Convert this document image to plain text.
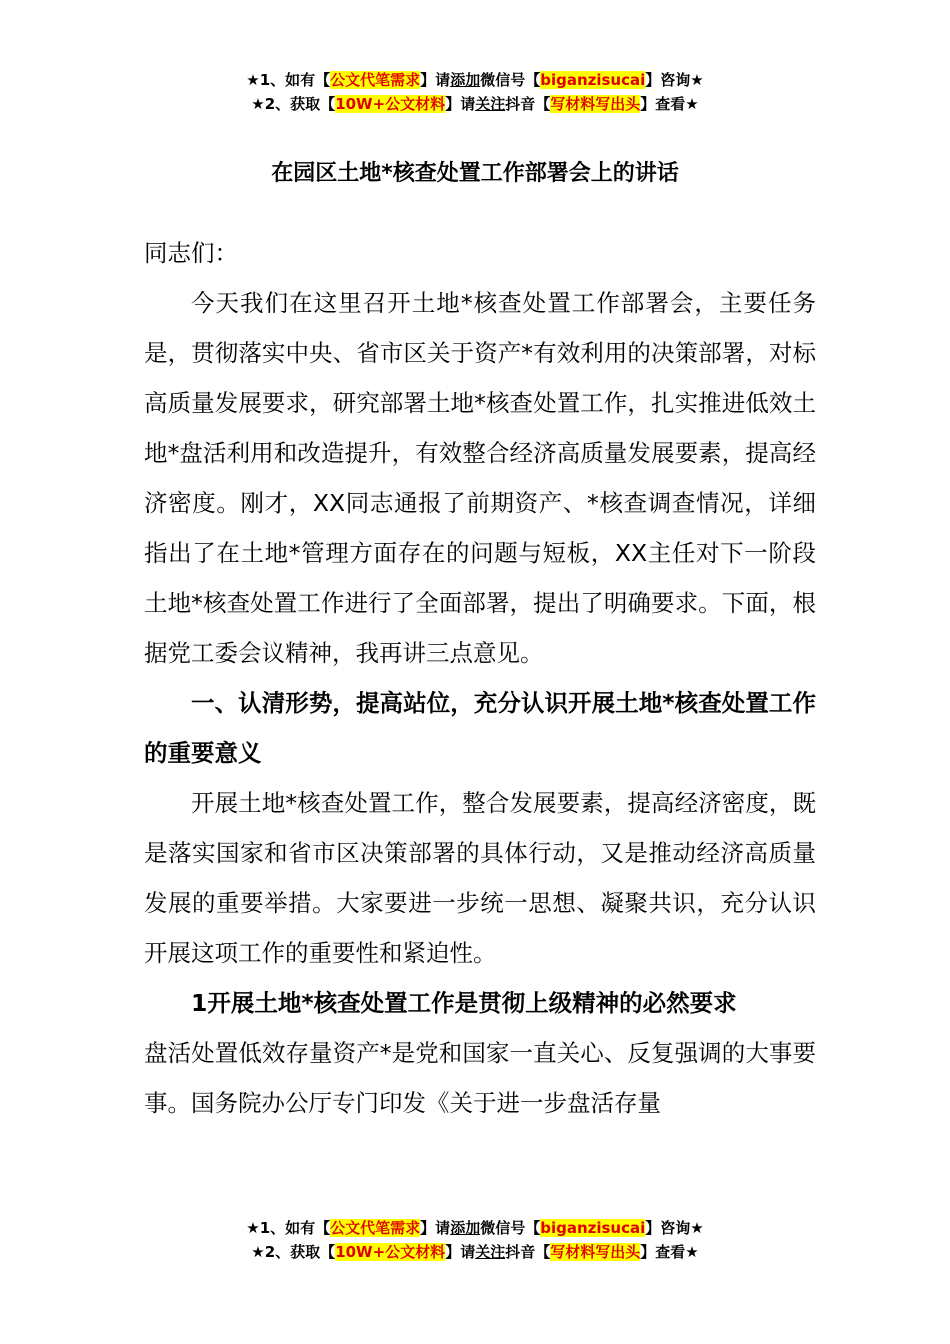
★1、如有【公文代笔需求】请添加微信号【biganzisucai】咨询★
★2、获取【10W+公文材料】请关注抖音【写材料写出头】查看★
在园区土地*核查处置工作部署会上的讲话

同志们：

今天我们在这里召开土地*核查处置工作部署会，主要任务是，贯彻落实中央、省市区关于资产*有效利用的决策部署，对标高质量发展要求，研究部署土地*核查处置工作，扎实推进低效土地*盘活利用和改造提升，有效整合经济高质量发展要素，提高经济密度。刚才，XX同志通报了前期资产、*核查调查情况，详细指出了在土地*管理方面存在的问题与短板，XX主任对下一阶段土地*核查处置工作进行了全面部署，提出了明确要求。下面，根据党工委会议精神，我再讲三点意见。

一、认清形势，提高站位，充分认识开展土地*核查处置工作的重要意义

开展土地*核查处置工作，整合发展要素，提高经济密度，既是落实国家和省市区决策部署的具体行动，又是推动经济高质量发展的重要举措。大家要进一步统一思想、凝聚共识，充分认识开展这项工作的重要性和紧迫性。

1开展土地*核查处置工作是贯彻上级精神的必然要求

盘活处置低效存量资产*是党和国家一直关心、反复强调的大事要事。国务院办公厅专门印发《关于进一步盘活存量

★1、如有【公文代笔需求】请添加微信号【biganzisucai】咨询★
★2、获取【10W+公文材料】请关注抖音【写材料写出头】查看★
